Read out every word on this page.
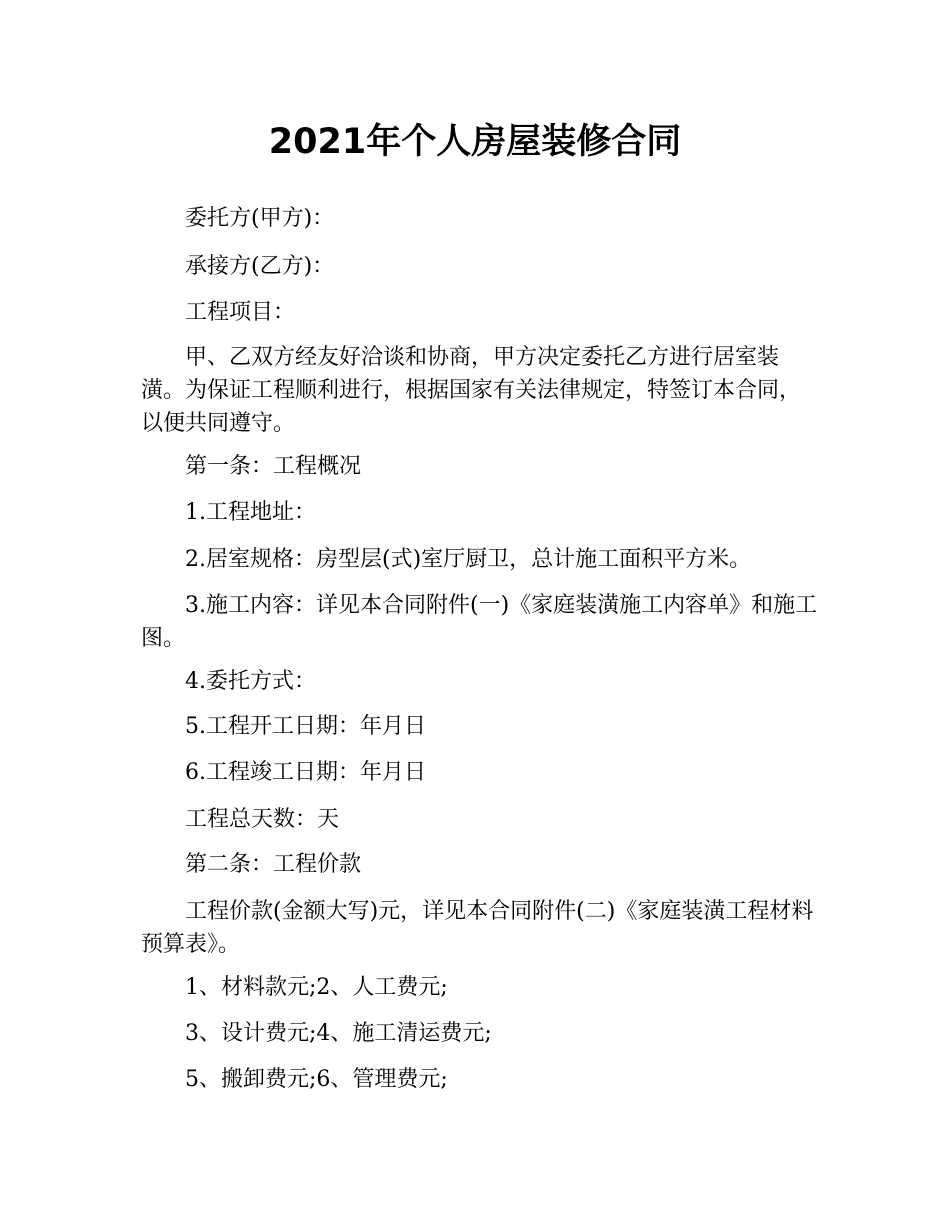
2021年个人房屋装修合同

委托方(甲方)：

承接方(乙方)：

工程项目：

甲、乙双方经友好洽谈和协商，甲方决定委托乙方进行居室装潢。为保证工程顺利进行，根据国家有关法律规定，特签订本合同，以便共同遵守。

第一条：工程概况

1.工程地址：

2.居室规格：房型层(式)室厅厨卫，总计施工面积平方米。

3.施工内容：详见本合同附件(一)《家庭装潢施工内容单》和施工图。

4.委托方式：

5.工程开工日期：年月日

6.工程竣工日期：年月日

工程总天数：天

第二条：工程价款

工程价款(金额大写)元，详见本合同附件(二)《家庭装潢工程材料预算表》。

1、材料款元;2、人工费元;

3、设计费元;4、施工清运费元;

5、搬卸费元;6、管理费元;
